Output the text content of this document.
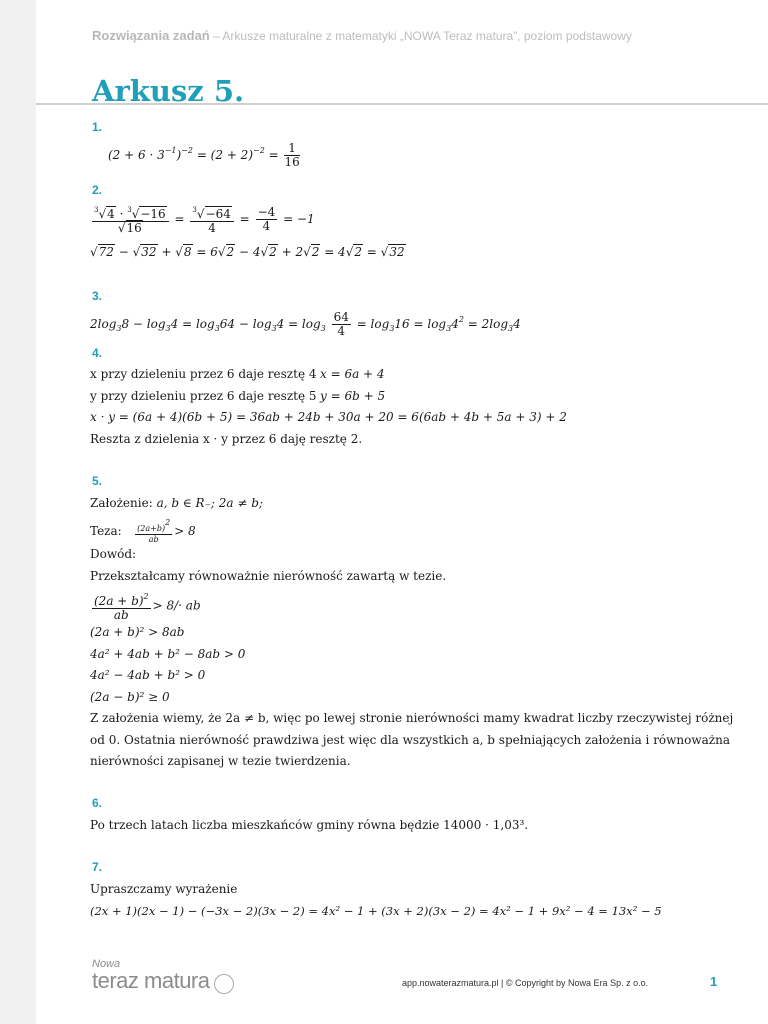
Rozwiązania zadań – Arkusze maturalne z matematyki „NOWA Teraz matura”, poziom podstawowy
Arkusz 5.
1.
$(2 + 6 \cdot 3^{-1})^{-2} = (2 + 2)^{-2} = \frac{1}{16}$
2.
$\frac{^3√4 \cdot ^3√-16}{√16} = \frac{^3√-64}{4} = \frac{-4}{4} = -1$
√72 − √32 + √8 = 6√2 − 4√2 + 2√2 = 4√2 = √32
3.
$2\log_38 - \log_34 = \log_364 - \log_34 = \log_3 \frac{64}{4} = \log_316 = \log_34^2 = 2\log_34$
4.
x przy dzieleniu przez 6 daje resztę 4 x = 6a + 4
y przy dzieleniu przez 6 daje resztę 5 y = 6b + 5
x · y = (6a + 4)(6b + 5) = 36ab + 24b + 30a + 20 = 6(6ab + 4b + 5a + 3) + 2
Reszta z dzielenia x · y przez 6 daję resztę 2.
5.
Założenie: a, b ∈ R₋; 2a ≠ b;
Teza: $\frac{(2a+b)^2}{ab} > 8$
Dowód:
Przekształcamy równoważnie nierówność zawartą w tezie.
$\frac{(2a + b)^2}{ab} > 8/\cdot$ ab
(2a + b)² > 8ab
4a² + 4ab + b² − 8ab > 0
4a² − 4ab + b² > 0
(2a − b)² ≥ 0
Z założenia wiemy, że 2a ≠ b, więc po lewej stronie nierówności mamy kwadrat liczby rzeczywistej różnej
od 0. Ostatnia nierówność prawdziwa jest więc dla wszystkich a, b spełniających założenia i równoważna
nierówności zapisanej w tezie twierdzenia.
6.
Po trzech latach liczba mieszkańców gminy równa będzie 14000 · 1,03³.
7.
Upraszczamy wyrażenie
(2x + 1)(2x − 1) − (−3x − 2)(3x − 2) = 4x² − 1 + (3x + 2)(3x − 2) = 4x² − 1 + 9x² − 4 = 13x² − 5
Nowa
teraz matura	app.nowaterazmatura.pl | © Copyright by Nowa Era Sp. z o.o.	1
